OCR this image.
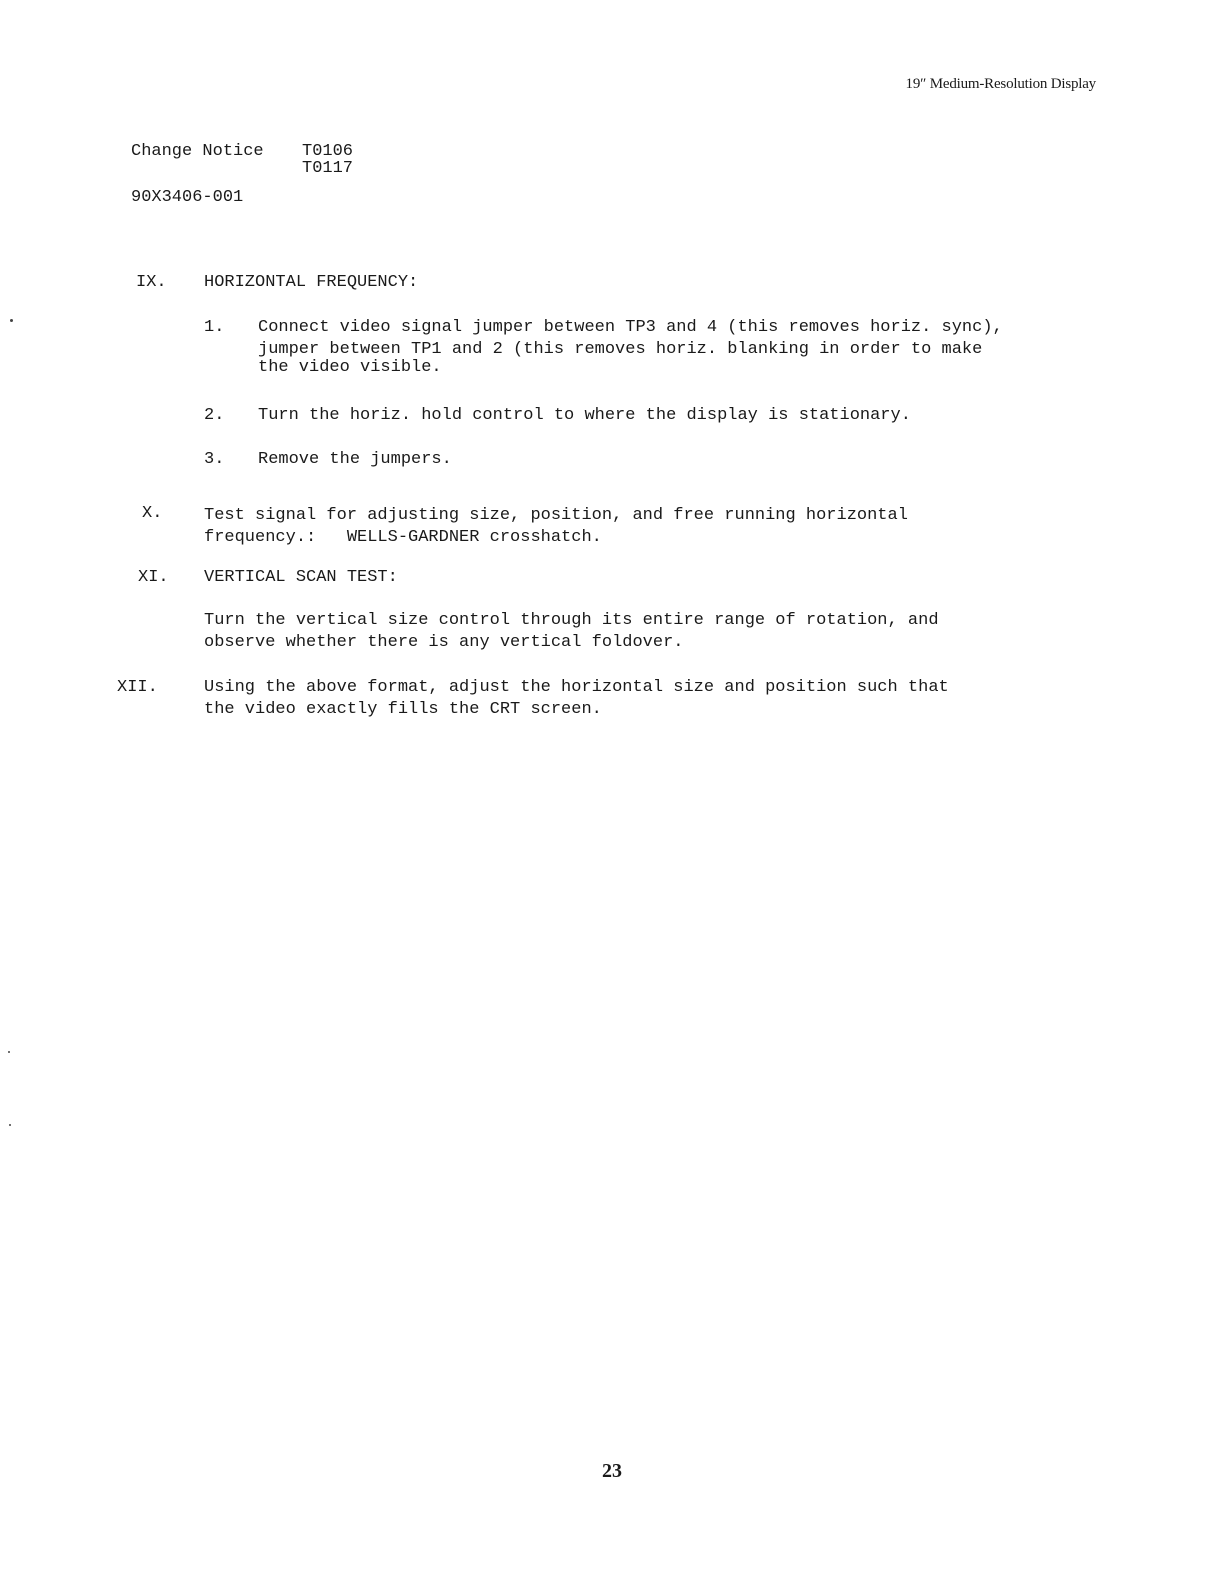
19″ Medium-Resolution Display
Change Notice T0106
T0117
90X3406-001
IX. HORIZONTAL FREQUENCY:
1. Connect video signal jumper between TP3 and 4 (this removes horiz. sync),
jumper between TP1 and 2 (this removes horiz. blanking in order to make
the video visible.
2. Turn the horiz. hold control to where the display is stationary.
3. Remove the jumpers.
X. Test signal for adjusting size, position, and free running horizontal
frequency.:   WELLS-GARDNER crosshatch.
XI. VERTICAL SCAN TEST:
Turn the vertical size control through its entire range of rotation, and
observe whether there is any vertical foldover.
XII.	Using the above format, adjust the horizontal size and position such that
the video exactly fills the CRT screen.
23
